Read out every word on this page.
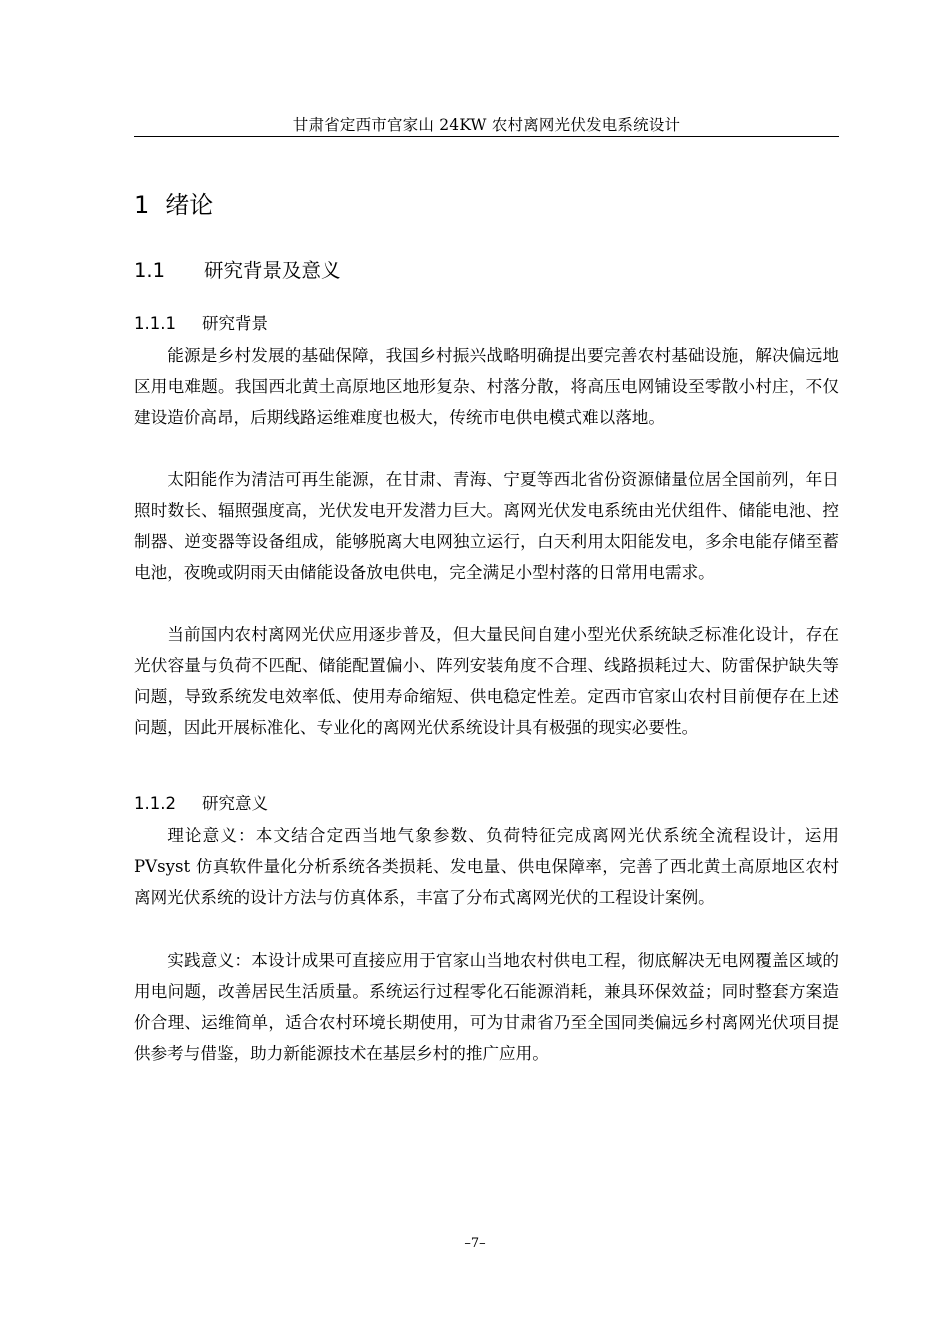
甘肃省定西市官家山 24KW 农村离网光伏发电系统设计
1 绪论
1.1 研究背景及意义
1.1.1 研究背景

能源是乡村发展的基础保障，我国乡村振兴战略明确提出要完善农村基础设施，解决偏远地区用电难题。我国西北黄土高原地区地形复杂、村落分散，将高压电网铺设至零散小村庄，不仅建设造价高昂，后期线路运维难度也极大，传统市电供电模式难以落地。

太阳能作为清洁可再生能源，在甘肃、青海、宁夏等西北省份资源储量位居全国前列，年日照时数长、辐照强度高，光伏发电开发潜力巨大。离网光伏发电系统由光伏组件、储能电池、控制器、逆变器等设备组成，能够脱离大电网独立运行，白天利用太阳能发电，多余电能存储至蓄电池，夜晚或阴雨天由储能设备放电供电，完全满足小型村落的日常用电需求。

当前国内农村离网光伏应用逐步普及，但大量民间自建小型光伏系统缺乏标准化设计，存在光伏容量与负荷不匹配、储能配置偏小、阵列安装角度不合理、线路损耗过大、防雷保护缺失等问题，导致系统发电效率低、使用寿命缩短、供电稳定性差。定西市官家山农村目前便存在上述问题，因此开展标准化、专业化的离网光伏系统设计具有极强的现实必要性。

1.1.2 研究意义

理论意义：本文结合定西当地气象参数、负荷特征完成离网光伏系统全流程设计，运用 PVsyst 仿真软件量化分析系统各类损耗、发电量、供电保障率，完善了西北黄土高原地区农村离网光伏系统的设计方法与仿真体系，丰富了分布式离网光伏的工程设计案例。

实践意义：本设计成果可直接应用于官家山当地农村供电工程，彻底解决无电网覆盖区域的用电问题，改善居民生活质量。系统运行过程零化石能源消耗，兼具环保效益；同时整套方案造价合理、运维简单，适合农村环境长期使用，可为甘肃省乃至全国同类偏远乡村离网光伏项目提供参考与借鉴，助力新能源技术在基层乡村的推广应用。

–7–
